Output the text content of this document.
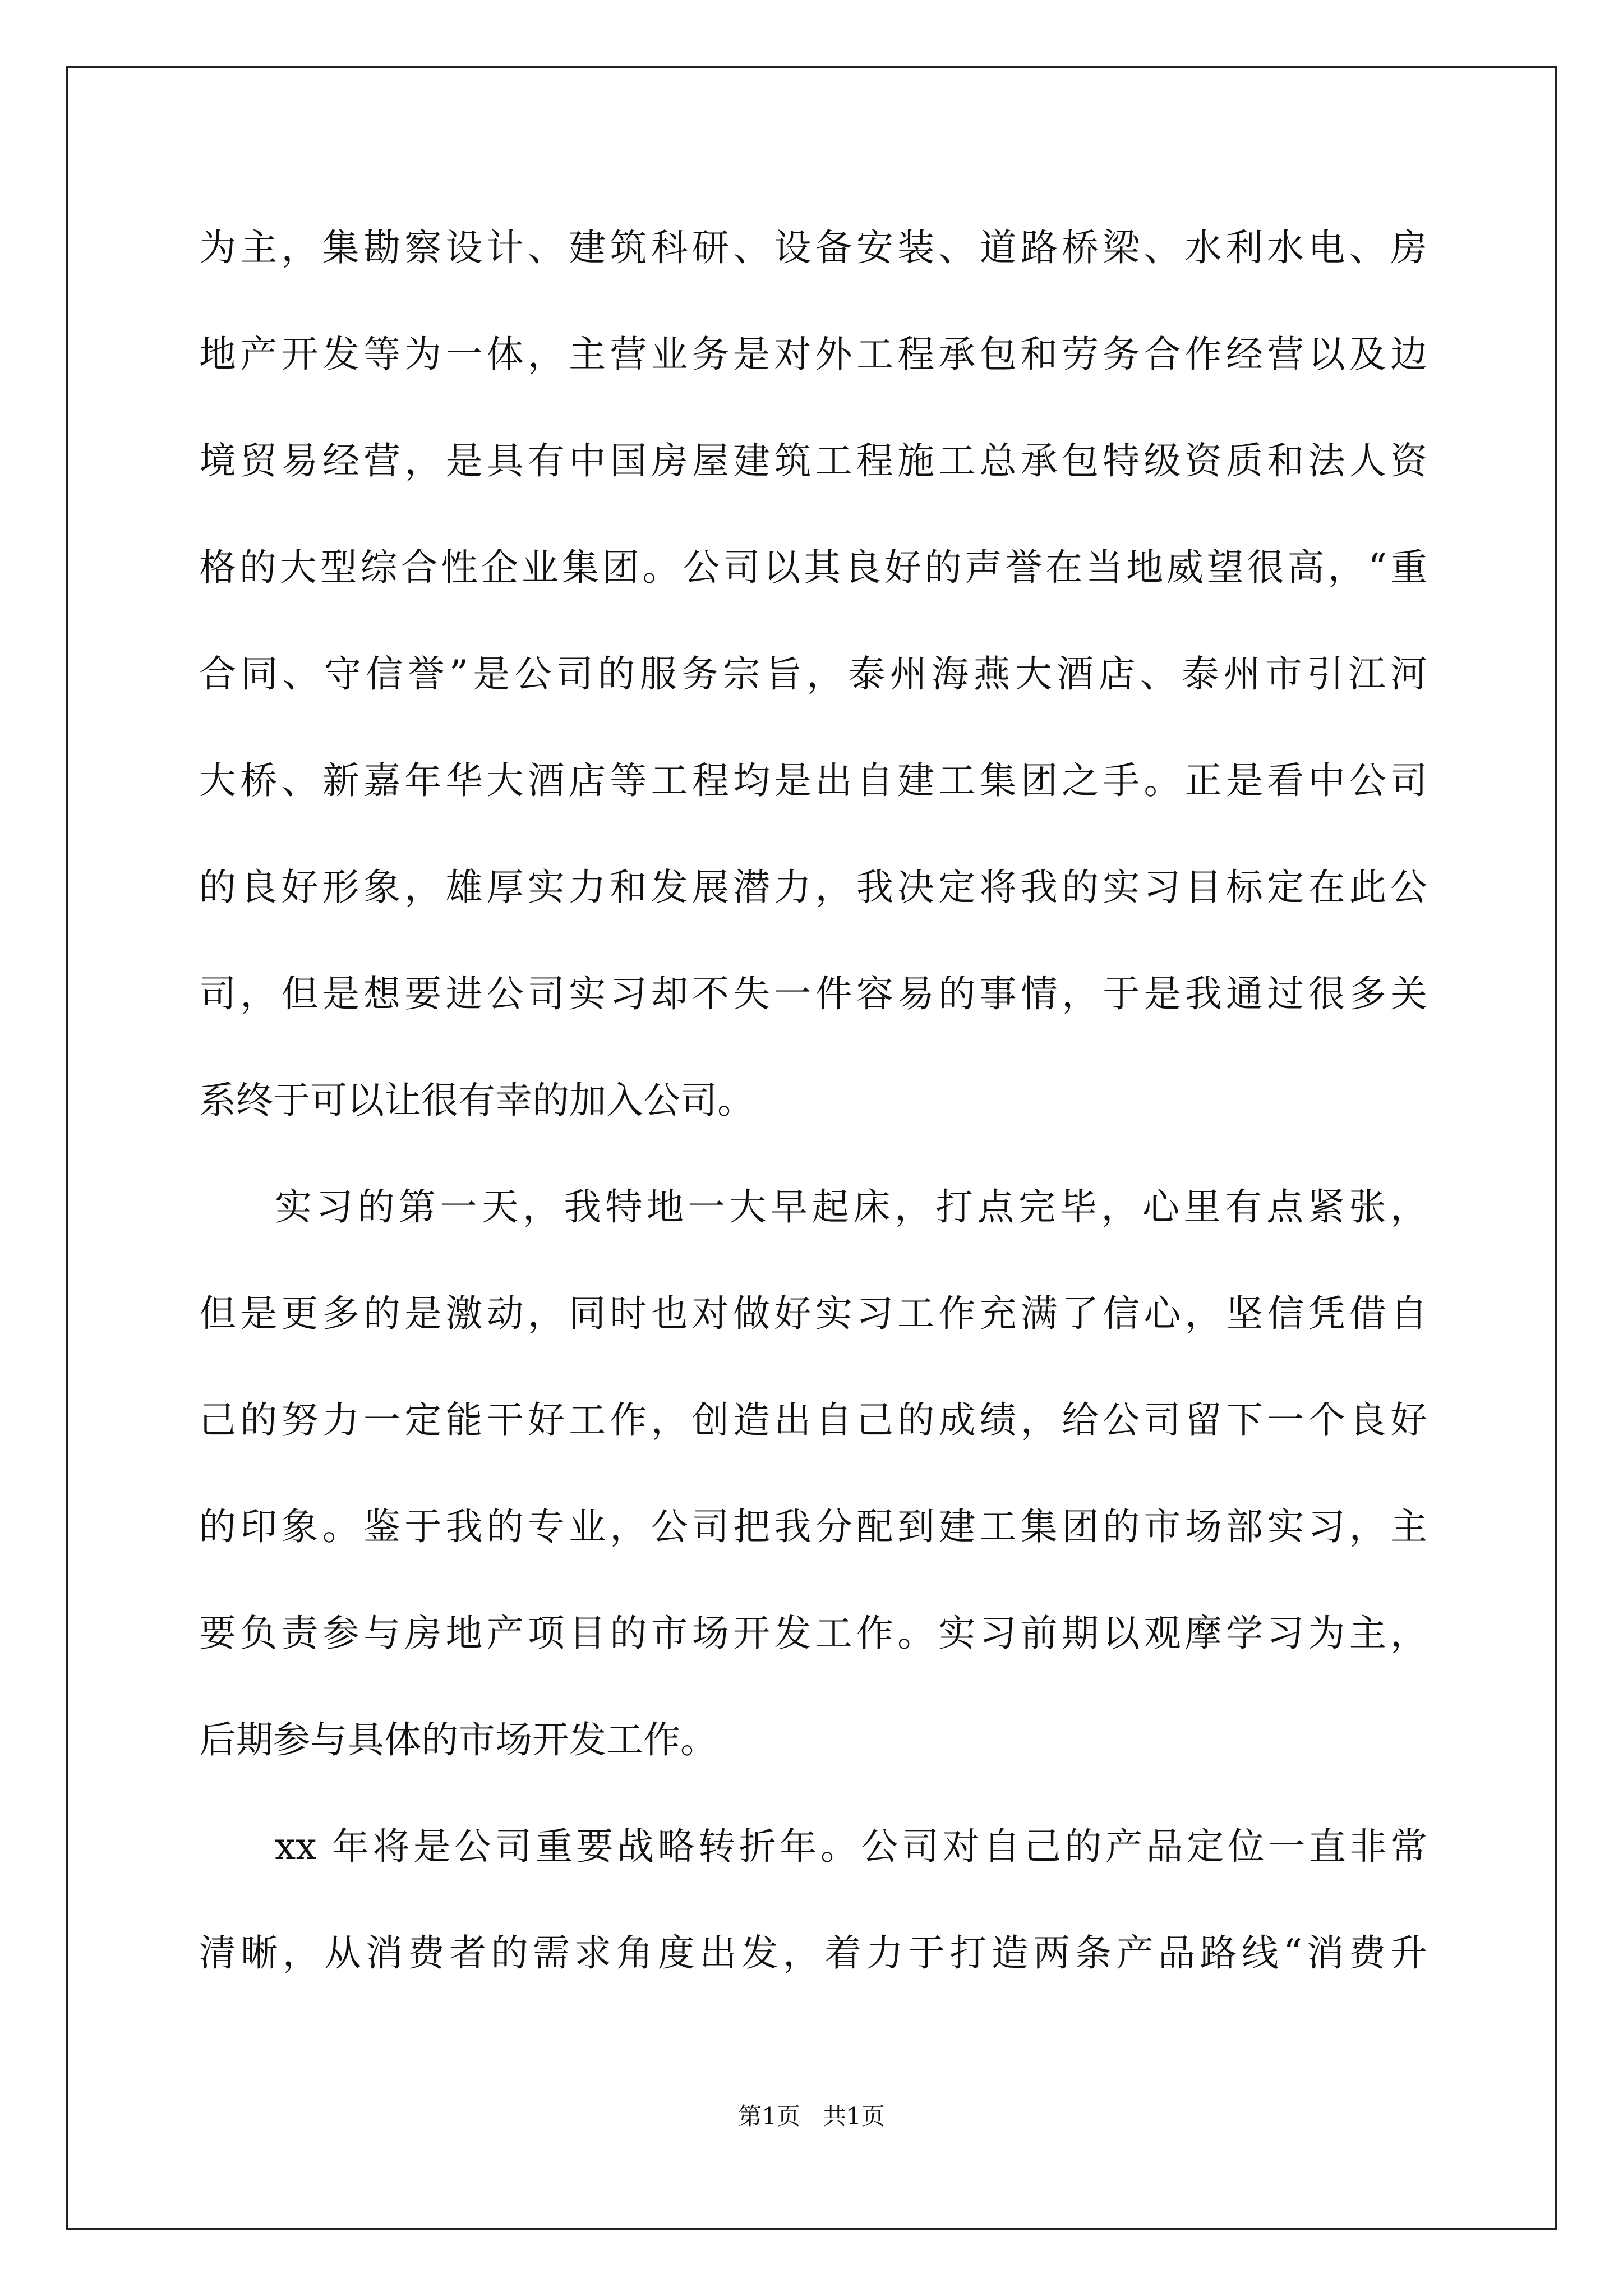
为主，集勘察设计、建筑科研、设备安装、道路桥梁、水利水电、房
地产开发等为一体，主营业务是对外工程承包和劳务合作经营以及边
境贸易经营，是具有中国房屋建筑工程施工总承包特级资质和法人资
格的大型综合性企业集团。公司以其良好的声誉在当地威望很高，“重
合同、守信誉”是公司的服务宗旨，泰州海燕大酒店、泰州市引江河
大桥、新嘉年华大酒店等工程均是出自建工集团之手。正是看中公司
的良好形象，雄厚实力和发展潜力，我决定将我的实习目标定在此公
司，但是想要进公司实习却不失一件容易的事情，于是我通过很多关
系终于可以让很有幸的加入公司。
实习的第一天，我特地一大早起床，打点完毕，心里有点紧张，
但是更多的是激动，同时也对做好实习工作充满了信心，坚信凭借自
己的努力一定能干好工作，创造出自己的成绩，给公司留下一个良好
的印象。鉴于我的专业，公司把我分配到建工集团的市场部实习，主
要负责参与房地产项目的市场开发工作。实习前期以观摩学习为主，
后期参与具体的市场开发工作。
xx 年将是公司重要战略转折年。公司对自己的产品定位一直非常
清晰，从消费者的需求角度出发，着力于打造两条产品路线“消费升
第1页   共1页
